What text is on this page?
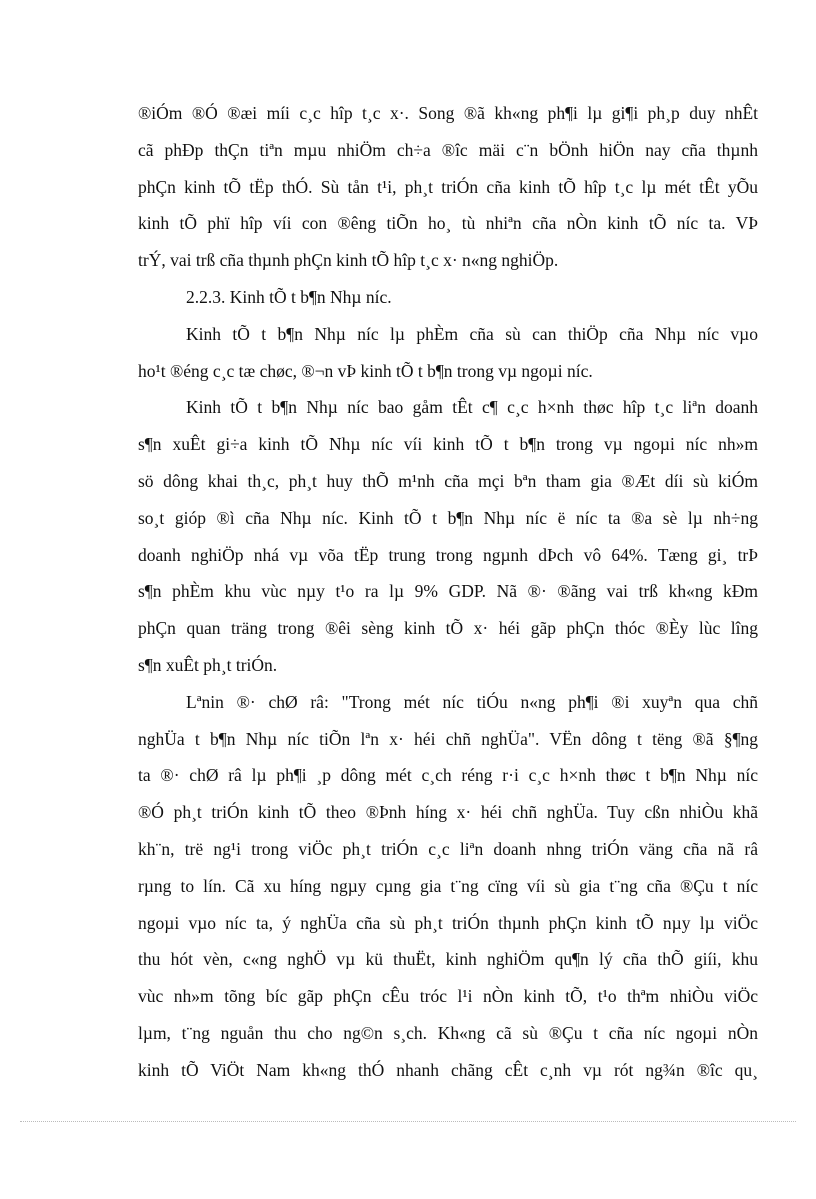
®iÓm ®Ó ®æi míi c¸c hîp t¸c x·. Song ®ã kh«ng ph¶i lµ gi¶i ph¸p duy nhÊt
cã phÐp thÇn tiªn mµu nhiÖm ch÷a ®îc mäi c¨n bÖnh hiÖn nay cña thµnh
phÇn kinh tÕ tËp thÓ. Sù tån t¹i, ph¸t triÓn cña kinh tÕ hîp t¸c lµ mét tÊt yÕu
kinh tÕ phï hîp víi con ®êng tiÕn ho¸ tù nhiªn cña nÒn kinh tÕ níc ta. VÞ
trÝ, vai trß cña thµnh phÇn kinh tÕ hîp t¸c x· n«ng nghiÖp.
2.2.3. Kinh tÕ t b¶n Nhµ níc.
Kinh tÕ t b¶n Nhµ níc lµ phÈm cña sù can thiÖp cña Nhµ níc vµo
ho¹t ®éng c¸c tæ chøc, ®¬n vÞ kinh tÕ t b¶n trong vµ ngoµi níc.
Kinh tÕ t b¶n Nhµ níc bao gåm tÊt c¶ c¸c h×nh thøc hîp t¸c liªn doanh
s¶n xuÊt gi÷a kinh tÕ Nhµ níc víi kinh tÕ t b¶n trong vµ ngoµi níc nh»m
sö dông khai th¸c, ph¸t huy thÕ m¹nh cña mçi bªn tham gia ®Æt díi sù kiÓm
so¸t gióp ®ì cña Nhµ níc. Kinh tÕ t b¶n Nhµ níc ë níc ta ®a sè lµ nh÷ng
doanh nghiÖp nhá vµ võa tËp trung trong ngµnh dÞch vô 64%. Tæng gi¸ trÞ
s¶n phÈm khu vùc nµy t¹o ra lµ 9% GDP. Nã ®· ®ãng vai trß kh«ng kÐm
phÇn quan träng trong ®êi sèng kinh tÕ x· héi gãp phÇn thóc ®Èy lùc lîng
s¶n xuÊt ph¸t triÓn.
Lªnin ®· chØ râ: "Trong mét níc tiÓu n«ng ph¶i ®i xuyªn qua chñ
nghÜa t b¶n Nhµ níc tiÕn lªn x· héi chñ nghÜa". VËn dông t tëng ®ã §¶ng
ta ®· chØ râ lµ ph¶i ¸p dông mét c¸ch réng r·i c¸c h×nh thøc t b¶n Nhµ níc
®Ó ph¸t triÓn kinh tÕ theo ®Þnh híng x· héi chñ nghÜa. Tuy cßn nhiÒu khã
kh¨n, trë ng¹i trong viÖc ph¸t triÓn c¸c liªn doanh nhng triÓn väng cña nã râ
rµng to lín. Cã xu híng ngµy cµng gia t¨ng cïng víi sù gia t¨ng cña ®Çu t níc
ngoµi vµo níc ta, ý nghÜa cña sù ph¸t triÓn thµnh phÇn kinh tÕ nµy lµ viÖc
thu hót vèn, c«ng nghÖ vµ kü thuËt, kinh nghiÖm qu¶n lý cña thÕ giíi, khu
vùc nh»m tõng bíc gãp phÇn cÊu tróc l¹i nÒn kinh tÕ, t¹o thªm nhiÒu viÖc
lµm, t¨ng nguån thu cho ng©n s¸ch. Kh«ng cã sù ®Çu t cña níc ngoµi nÒn
kinh tÕ ViÖt Nam kh«ng thÓ nhanh chãng cÊt c¸nh vµ rót ng¾n ®îc qu¸
